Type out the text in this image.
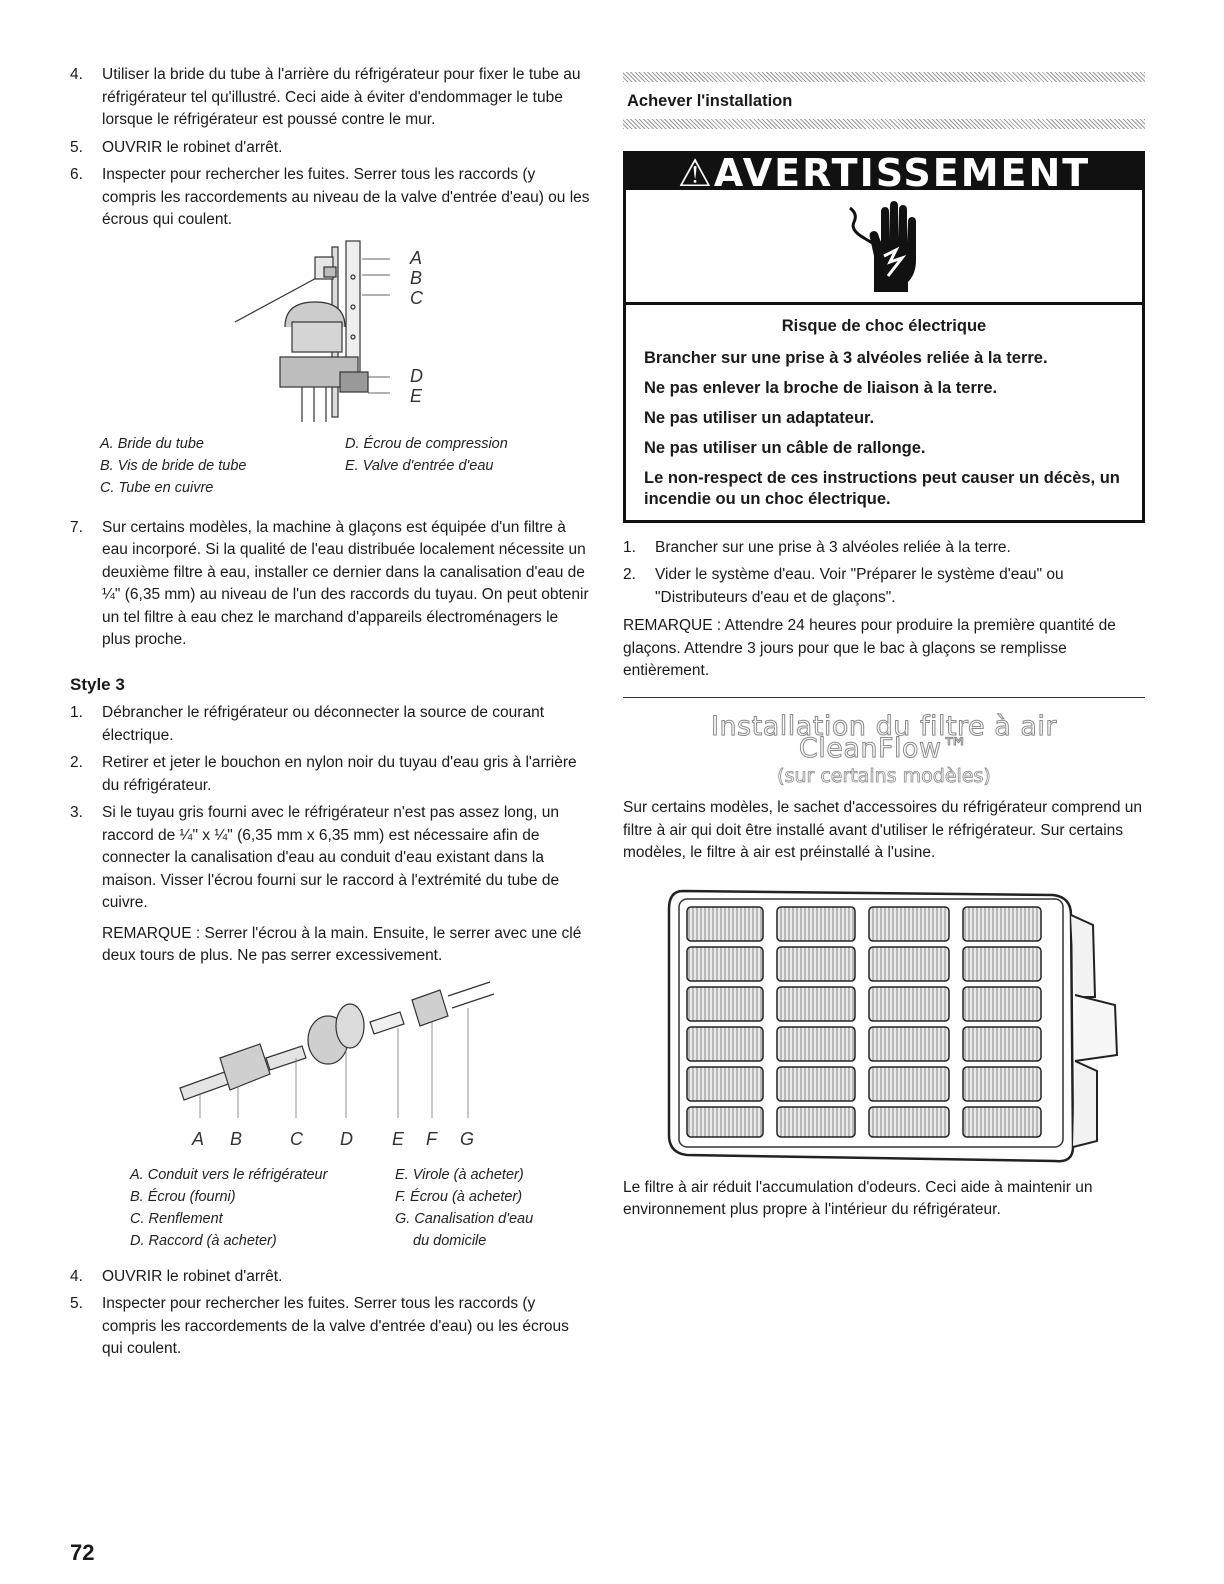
4.	Utiliser la bride du tube à l'arrière du réfrigérateur pour fixer le tube au réfrigérateur tel qu'illustré. Ceci aide à éviter d'endommager le tube lorsque le réfrigérateur est poussé contre le mur.
5.	OUVRIR le robinet d'arrêt.
6.	Inspecter pour rechercher les fuites. Serrer tous les raccords (y compris les raccordements au niveau de la valve d'entrée d'eau) ou les écrous qui coulent.
A
B
C
D
E
A. Bride du tube	D. Écrou de compression
B. Vis de bride de tube	E. Valve d'entrée d'eau
C. Tube en cuivre
7.	Sur certains modèles, la machine à glaçons est équipée d'un filtre à eau incorporé. Si la qualité de l'eau distribuée localement nécessite un deuxième filtre à eau, installer ce dernier dans la canalisation d'eau de ¼" (6,35 mm) au niveau de l'un des raccords du tuyau. On peut obtenir un tel filtre à eau chez le marchand d'appareils électroménagers le plus proche.
Style 3
1.	Débrancher le réfrigérateur ou déconnecter la source de courant électrique.
2.	Retirer et jeter le bouchon en nylon noir du tuyau d'eau gris à l'arrière du réfrigérateur.
3.	Si le tuyau gris fourni avec le réfrigérateur n'est pas assez long, un raccord de ¼" x ¼" (6,35 mm x 6,35 mm) est nécessaire afin de connecter la canalisation d'eau au conduit d'eau existant dans la maison. Visser l'écrou fourni sur le raccord à l'extrémité du tube de cuivre.
REMARQUE : Serrer l'écrou à la main. Ensuite, le serrer avec une clé deux tours de plus. Ne pas serrer excessivement.
A B	C D E F G
A. Conduit vers le réfrigérateur	E. Virole (à acheter)
B. Écrou (fourni)	F. Écrou (à acheter)
C. Renflement	G. Canalisation d'eau
D. Raccord (à acheter)	du domicile
4.	OUVRIR le robinet d'arrêt.
5.	Inspecter pour rechercher les fuites. Serrer tous les raccords (y compris les raccordements de la valve d'entrée d'eau) ou les écrous qui coulent.
Achever l'installation
⚠AVERTISSEMENT
Risque de choc électrique

Brancher sur une prise à 3 alvéoles reliée à la terre.

Ne pas enlever la broche de liaison à la terre.

Ne pas utiliser un adaptateur.

Ne pas utiliser un câble de rallonge.

Le non-respect de ces instructions peut causer un décès, un incendie ou un choc électrique.

1.	Brancher sur une prise à 3 alvéoles reliée à la terre.
2.	Vider le système d'eau. Voir "Préparer le système d'eau" ou "Distributeurs d'eau et de glaçons".
REMARQUE : Attendre 24 heures pour produire la première quantité de glaçons. Attendre 3 jours pour que le bac à glaçons se remplisse entièrement.
Installation du filtre à air CleanFlow™
(sur certains modèles)
Sur certains modèles, le sachet d'accessoires du réfrigérateur comprend un filtre à air qui doit être installé avant d'utiliser le réfrigérateur. Sur certains modèles, le filtre à air est préinstallé à l'usine.
Le filtre à air réduit l'accumulation d'odeurs. Ceci aide à maintenir un environnement plus propre à l'intérieur du réfrigérateur.
72
